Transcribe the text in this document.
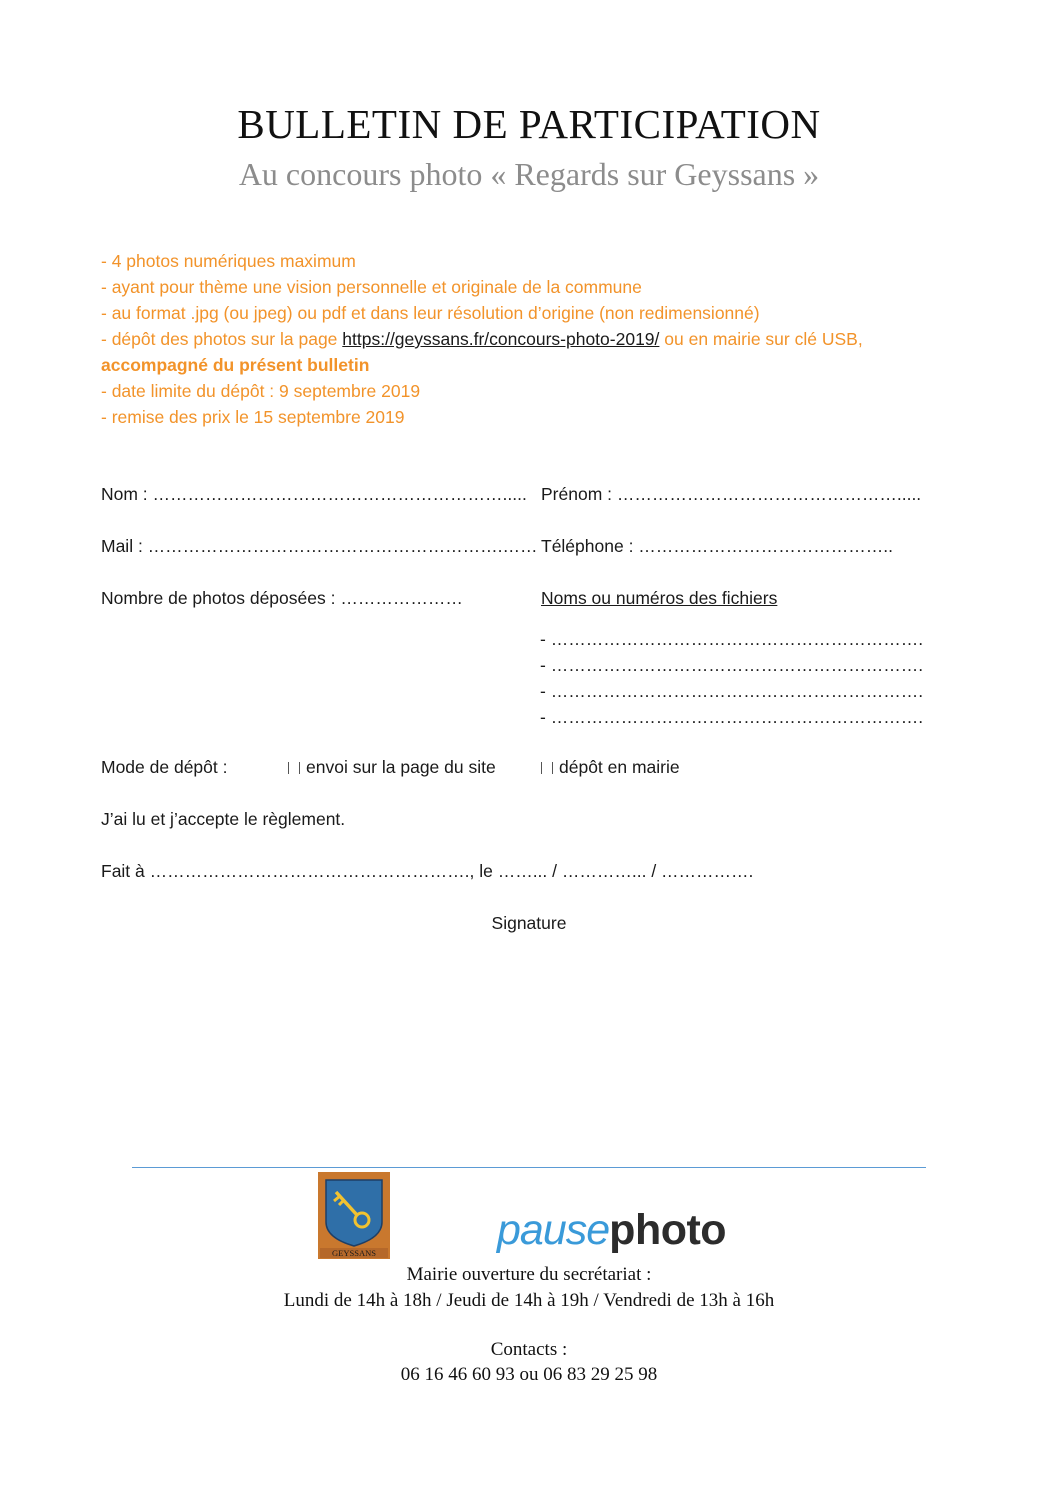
BULLETIN DE PARTICIPATION
Au concours photo « Regards sur Geyssans »
- 4 photos numériques maximum
- ayant pour thème une vision personnelle et originale de la commune
- au format .jpg (ou jpeg) ou pdf et dans leur résolution d’origine (non redimensionné)
- dépôt des photos sur la page https://geyssans.fr/concours-photo-2019/ ou en mairie sur clé USB,
accompagné du présent bulletin
- date limite du dépôt : 9 septembre 2019
- remise des prix le 15 septembre 2019
Nom : ……………………………………………………..... Prénom : ………………………………………….....
Mail : …………………………………………………….…… Téléphone : ……………………………………..
Nombre de photos déposées : …………………	Noms ou numéros des fichiers
- ……………………………………………………….
- ……………………………………………………….
- ……………………………………………………….
- ……………………………………………………….
Mode de dépôt :	envoi sur la page du site	dépôt en mairie
J’ai lu et j’accepte le règlement.
Fait à ………………………………………………., le ……... / …………... / …………….
Signature
GEYSSANS	pausephoto
Mairie ouverture du secrétariat :
Lundi de 14h à 18h / Jeudi de 14h à 19h / Vendredi de 13h à 16h
Contacts :
06 16 46 60 93 ou 06 83 29 25 98
